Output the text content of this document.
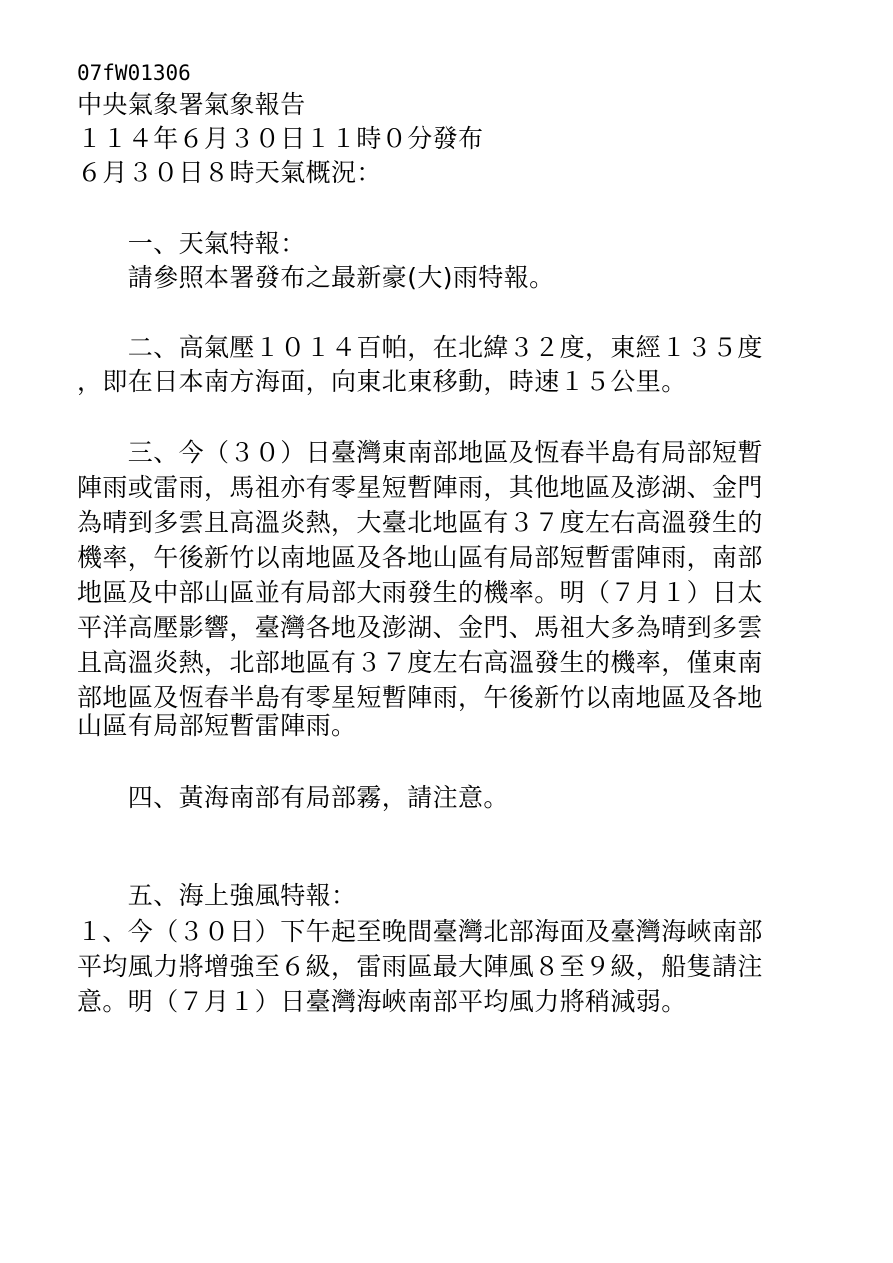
07fW01306
中央氣象署氣象報告
１１４年６月３０日１１時０分發布
６月３０日８時天氣概況：
　　一、天氣特報：
　　請參照本署發布之最新豪(大)雨特報。
　　二、高氣壓１０１４百帕，在北緯３２度，東經１３５度
，即在日本南方海面，向東北東移動，時速１５公里。
　　三、今（３０）日臺灣東南部地區及恆春半島有局部短暫
陣雨或雷雨，馬祖亦有零星短暫陣雨，其他地區及澎湖、金門
為晴到多雲且高溫炎熱，大臺北地區有３７度左右高溫發生的
機率，午後新竹以南地區及各地山區有局部短暫雷陣雨，南部
地區及中部山區並有局部大雨發生的機率。明（７月１）日太
平洋高壓影響，臺灣各地及澎湖、金門、馬祖大多為晴到多雲
且高溫炎熱，北部地區有３７度左右高溫發生的機率，僅東南
部地區及恆春半島有零星短暫陣雨，午後新竹以南地區及各地
山區有局部短暫雷陣雨。
　　四、黃海南部有局部霧，請注意。
　　五、海上強風特報：
１、今（３０日）下午起至晚間臺灣北部海面及臺灣海峽南部
平均風力將增強至６級，雷雨區最大陣風８至９級，船隻請注
意。明（７月１）日臺灣海峽南部平均風力將稍減弱。
